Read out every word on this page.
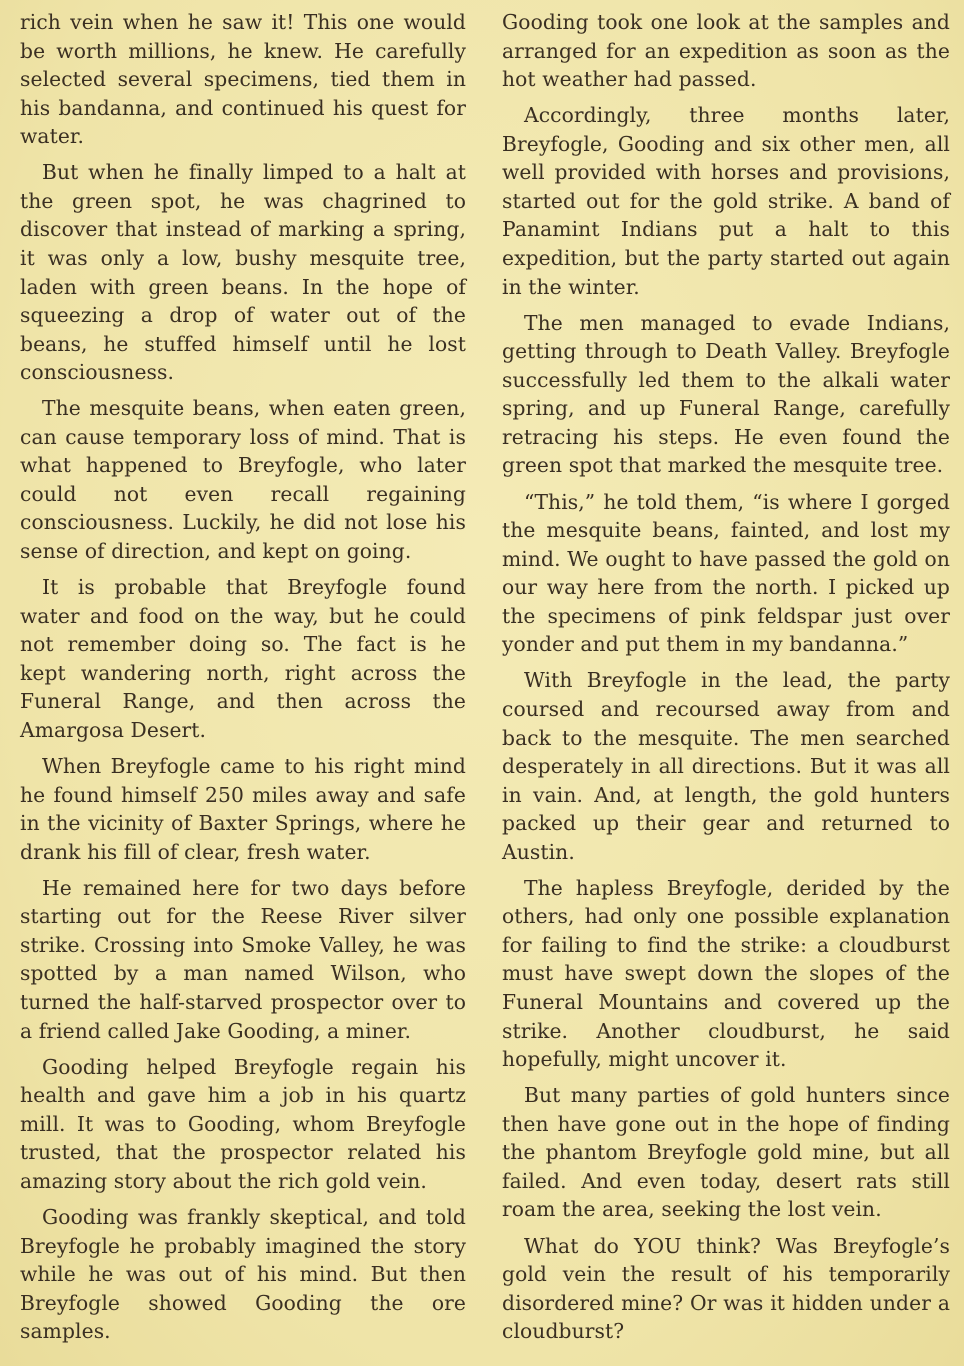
rich vein when he saw it! This one would be worth millions, he knew. He carefully selected several specimens, tied them in his bandanna, and continued his quest for water.

But when he finally limped to a halt at the green spot, he was chagrined to discover that instead of marking a spring, it was only a low, bushy mesquite tree, laden with green beans. In the hope of squeezing a drop of water out of the beans, he stuffed himself until he lost consciousness.

The mesquite beans, when eaten green, can cause temporary loss of mind. That is what happened to Breyfogle, who later could not even recall regaining consciousness. Luckily, he did not lose his sense of direction, and kept on going.

It is probable that Breyfogle found water and food on the way, but he could not remember doing so. The fact is he kept wandering north, right across the Funeral Range, and then across the Amargosa Desert.

When Breyfogle came to his right mind he found himself 250 miles away and safe in the vicinity of Baxter Springs, where he drank his fill of clear, fresh water.

He remained here for two days before starting out for the Reese River silver strike. Crossing into Smoke Valley, he was spotted by a man named Wilson, who turned the half-starved prospector over to a friend called Jake Gooding, a miner.

Gooding helped Breyfogle regain his health and gave him a job in his quartz mill. It was to Gooding, whom Breyfogle trusted, that the prospector related his amazing story about the rich gold vein.

Gooding was frankly skeptical, and told Breyfogle he probably imagined the story while he was out of his mind. But then Breyfogle showed Gooding the ore samples.

Gooding took one look at the samples and arranged for an expedition as soon as the hot weather had passed.

Accordingly, three months later, Breyfogle, Gooding and six other men, all well provided with horses and provisions, started out for the gold strike. A band of Panamint Indians put a halt to this expedition, but the party started out again in the winter.

The men managed to evade Indians, getting through to Death Valley. Breyfogle successfully led them to the alkali water spring, and up Funeral Range, carefully retracing his steps. He even found the green spot that marked the mesquite tree.

“This,” he told them, “is where I gorged the mesquite beans, fainted, and lost my mind. We ought to have passed the gold on our way here from the north. I picked up the specimens of pink feldspar just over yonder and put them in my bandanna.”

With Breyfogle in the lead, the party coursed and recoursed away from and back to the mesquite. The men searched desperately in all directions. But it was all in vain. And, at length, the gold hunters packed up their gear and returned to Austin.

The hapless Breyfogle, derided by the others, had only one possible explanation for failing to find the strike: a cloudburst must have swept down the slopes of the Funeral Mountains and covered up the strike. Another cloudburst, he said hopefully, might uncover it.

But many parties of gold hunters since then have gone out in the hope of finding the phantom Breyfogle gold mine, but all failed. And even today, desert rats still roam the area, seeking the lost vein.

What do YOU think? Was Breyfogle’s gold vein the result of his temporarily disordered mine? Or was it hidden under a cloudburst?
